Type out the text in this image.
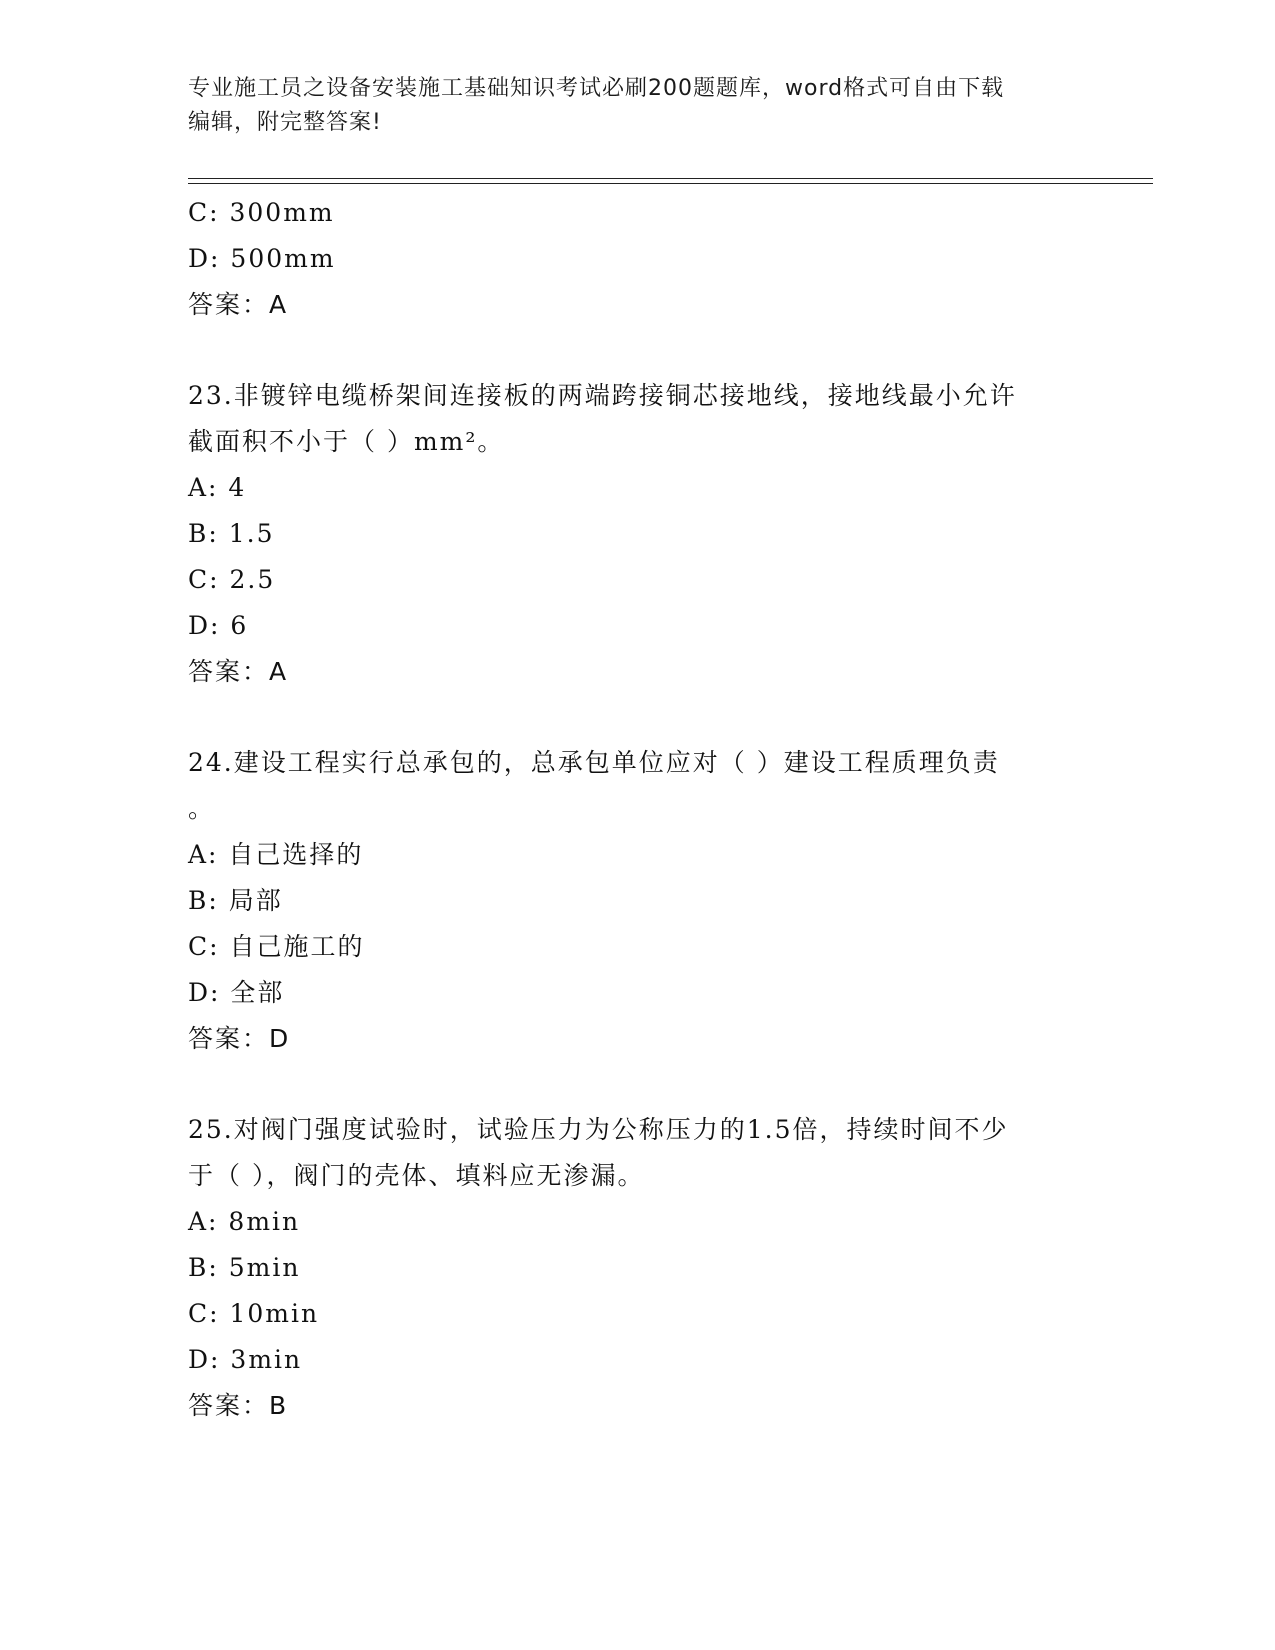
专业施工员之设备安装施工基础知识考试必刷200题题库，word格式可自由下载
编辑，附完整答案!
C: 300mm
D: 500mm
答案：A
23.非镀锌电缆桥架间连接板的两端跨接铜芯接地线，接地线最小允许
截面积不小于（ ）mm²。
A: 4
B: 1.5
C: 2.5
D: 6
答案：A
24.建设工程实行总承包的，总承包单位应对（ ）建设工程质理负责
。
A: 自己选择的
B: 局部
C: 自己施工的
D: 全部
答案：D
25.对阀门强度试验时，试验压力为公称压力的1.5倍，持续时间不少
于（ ），阀门的壳体、填料应无渗漏。
A: 8min
B: 5min
C: 10min
D: 3min
答案：B
